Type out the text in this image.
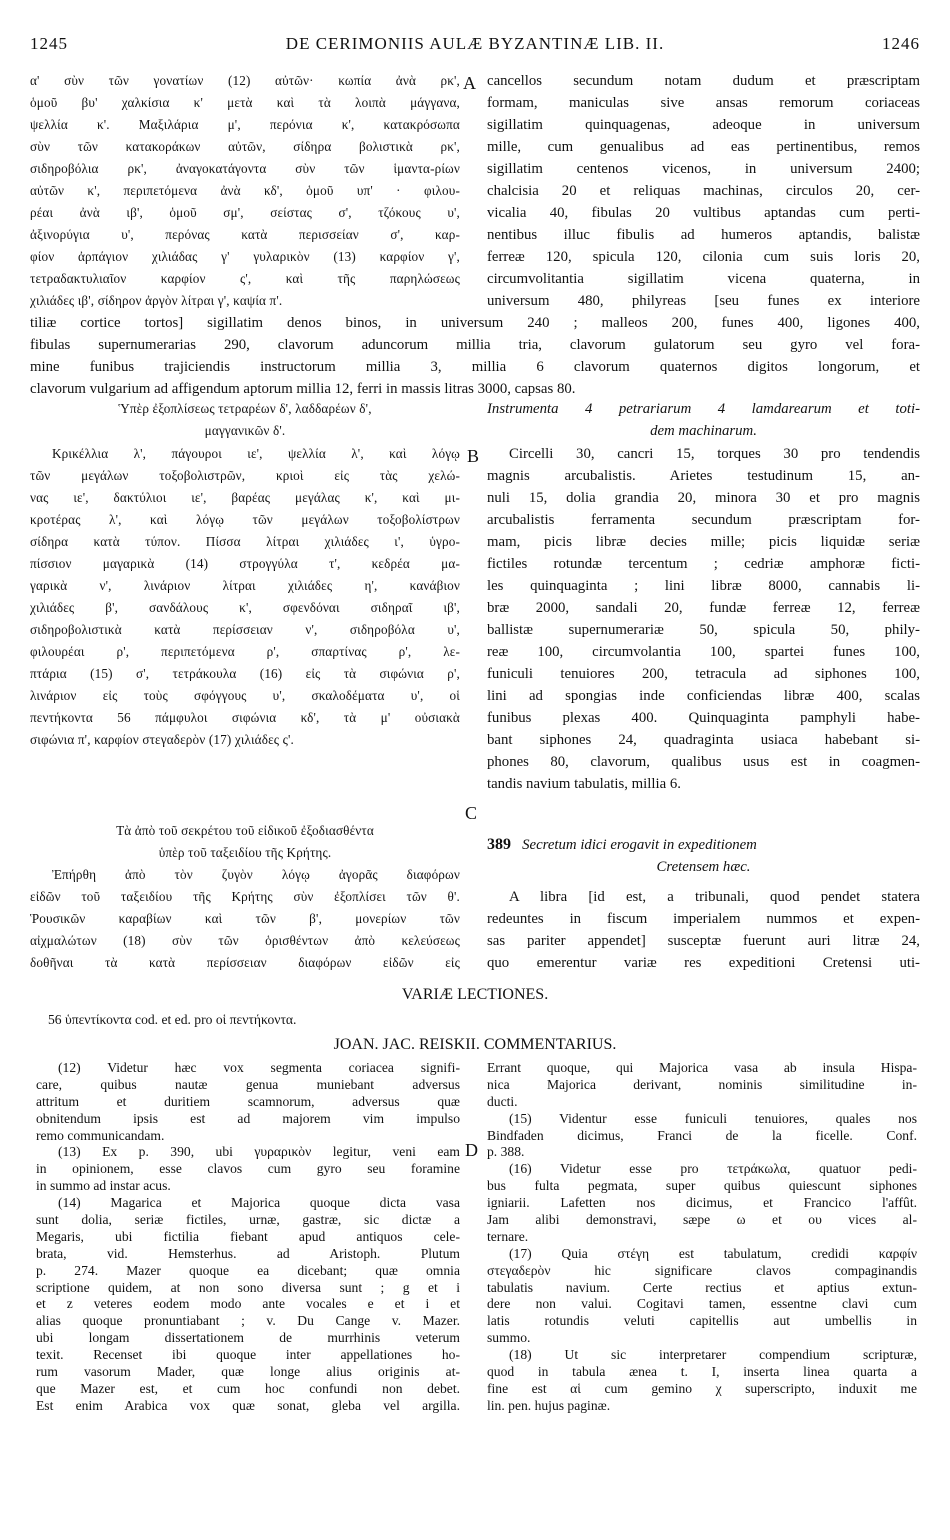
1245	DE CERIMONIIS AULÆ BYZANTINÆ LIB. II.	1246
A
B
C
D
α' σὺν τῶν γονατίων (12) αὐτῶν· κωπία ἀνὰ ρκ',
ὁμοῦ βυ' χαλκίσια κ' μετὰ καὶ τὰ λοιπὰ μάγγανα,
ψελλία κ'. Μαξιλάρια μ', περόνια κ', κατακρόσωπα
σὺν τῶν κατακοράκων αὐτῶν, σίδηρα βολιστικὰ ρκ',
σιδηροβόλια ρκ', ἀναγοκατάγοντα σὺν τῶν ἱμαντα-ρίων
αὐτῶν κ', περιπετόμενα ἀνὰ κδ', ὁμοῦ υπ' · φιλου-
ρέαι ἀνὰ ιβ', ὁμοῦ σμ', σείστας σ', τζόκους υ',
ἀξινορύγια υ', περόνας κατὰ περισσείαν σ', καρ-
φίον ἀρπάγιον χιλιάδας γ' γυλαρικὸν (13) καρφίον γ',
τετραδακτυλιαῖον καρφίον ς', καὶ τῆς παρηλώσεως
χιλιάδες ιβ', σίδηρον ἀργὸν λίτραι γ', καψία π'.
cancellos secundum notam dudum et præscriptam
formam, maniculas sive ansas remorum coriaceas
sigillatim quinquagenas, adeoque in universum
mille, cum genualibus ad eas pertinentibus, remos
sigillatim centenos vicenos, in universum 2400;
chalcisia 20 et reliquas machinas, circulos 20, cer-
vicalia 40, fibulas 20 vultibus aptandas cum perti-
nentibus illuc fibulis ad humeros aptandis, balistæ
ferreæ 120, spicula 120, cilonia cum suis loris 20,
circumvolitantia sigillatim vicena quaterna, in
universum 480, philyreas [seu funes ex interiore
tiliæ cortice tortos] sigillatim denos binos, in universum 240 ; malleos 200, funes 400, ligones 400,
fibulas supernumerarias 290, clavorum aduncorum millia tria, clavorum gulatorum seu gyro vel fora-
mine funibus trajiciendis instructorum millia 3, millia 6 clavorum quaternos digitos longorum, et
clavorum vulgarium ad affigendum aptorum millia 12, ferri in massis litras 3000, capsas 80.
Ὑπὲρ ἐξοπλίσεως τετραρέων δ', λαδδαρέων δ',
μαγγανικῶν δ'.
Instrumenta 4 petrariarum 4 lamdarearum et toti-
dem machinarum.
Κρικέλλια λ', πάγουροι ιε', ψελλία λ', καὶ λόγῳ
τῶν μεγάλων τοξοβολιστρῶν, κριοὶ εἰς τὰς χελώ-
νας ιε', δακτύλιοι ιε', βαρέας μεγάλας κ', καὶ μι-
κροτέρας λ', καὶ λόγῳ τῶν μεγάλων τοξοβολίστρων
σίδηρα κατὰ τύπον. Πίσσα λίτραι χιλιάδες ι', ὑγρο-
πίσσιον μαγαρικὰ (14) στρογγύλα τ', κεδρέα μα-
γαρικὰ ν', λινάριον λίτραι χιλιάδες η', κανάβιον
χιλιάδες β', σανδάλους κ', σφενδόναι σιδηραῖ ιβ',
σιδηροβολιστικὰ κατὰ περίσσειαν ν', σιδηροβόλα υ',
φιλουρέαι ρ', περιπετόμενα ρ', σπαρτίνας ρ', λε-
πτάρια (15) σ', τετράκουλα (16) εἰς τὰ σιφώνια ρ',
λινάριον εἰς τοὺς σφόγγους υ', σκαλοδέματα υ', οἱ
πεντήκοντα 56 πάμφυλοι σιφώνια κδ', τὰ μ' οὐσιακὰ
σιφώνια π', καρφίον στεγαδερὸν (17) χιλιάδες ς'.
Circelli 30, cancri 15, torques 30 pro tendendis
magnis arcubalistis. Arietes testudinum 15, an-
nuli 15, dolia grandia 20, minora 30 et pro magnis
arcubalistis ferramenta secundum præscriptam for-
mam, picis libræ decies mille; picis liquidæ seriæ
fictiles rotundæ tercentum ; cedriæ amphoræ ficti-
les quinquaginta ; lini libræ 8000, cannabis li-
bræ 2000, sandali 20, fundæ ferreæ 12, ferreæ
ballistæ supernumerariæ 50, spicula 50, phily-
reæ 100, circumvolantia 100, spartei funes 100,
funiculi tenuiores 200, tetracula ad siphones 100,
lini ad spongias inde conficiendas libræ 400, scalas
funibus plexas 400. Quinquaginta pamphyli habe-
bant siphones 24, quadraginta usiaca habebant si-
phones 80, clavorum, qualibus usus est in coagmen-
tandis navium tabulatis, millia 6.
Τὰ ἀπὸ τοῦ σεκρέτου τοῦ εἰδικοῦ ἐξοδιασθέντα
ὑπὲρ τοῦ ταξειδίου τῆς Κρήτης.	389 Secretum idici erogavit in expeditionem
Cretensem hæc.
Ἐπήρθη ἀπὸ τὸν ζυγὸν λόγῳ ἀγορᾶς διαφόρων
εἰδῶν τοῦ ταξειδίου τῆς Κρήτης σὺν ἐξοπλίσει τῶν θ'.
Ῥουσικῶν καραβίων καὶ τῶν β', μονερίων τῶν
αἰχμαλώτων (18) σὺν τῶν ὁρισθέντων ἀπὸ κελεύσεως
δοθῆναι τὰ κατὰ περίσσειαν διαφόρων εἰδῶν εἰς
A libra [id est, a tribunali, quod pendet statera
redeuntes in fiscum imperialem nummos et expen-
sas pariter appendet] susceptæ fuerunt auri litræ 24,
quo emerentur variæ res expeditioni Cretensi uti-
VARIÆ LECTIONES.
56 ὑπεντίκοντα cod. et ed. pro οἱ πεντήκοντα.
JOAN. JAC. REISKII. COMMENTARIUS.
(12) Videtur hæc vox segmenta coriacea signifi-
care, quibus nautæ genua muniebant adversus
attritum et duritiem scamnorum, adversus quæ
obnitendum ipsis est ad majorem vim impulso
remo communicandam.
(13) Ex p. 390, ubi γυραρικὸν legitur, veni eam
in opinionem, esse clavos cum gyro seu foramine
in summo ad instar acus.
(14) Magarica et Majorica quoque dicta vasa
sunt dolia, seriæ fictiles, urnæ, gastræ, sic dictæ a
Megaris, ubi fictilia fiebant apud antiquos cele-
brata, vid. Hemsterhus. ad Aristoph. Plutum
p. 274. Mazer quoque ea dicebant; quæ omnia
scriptione quidem, at non sono diversa sunt ; g et i
et z veteres eodem modo ante vocales e et i et
alias quoque pronuntiabant ; v. Du Cange v. Mazer.
ubi longam dissertationem de murrhinis veterum
texit. Recenset ibi quoque inter appellationes ho-
rum vasorum Mader, quæ longe alius originis at-
que Mazer est, et cum hoc confundi non debet.
Est enim Arabica vox quæ sonat, gleba vel argilla.
Errant quoque, qui Majorica vasa ab insula Hispa-
nica Majorica derivant, nominis similitudine in-
ducti.
(15) Videntur esse funiculi tenuiores, quales nos
Bindfaden dicimus, Franci de la ficelle. Conf.
p. 388.
(16) Videtur esse pro τετράκωλα, quatuor pedi-
bus fulta pegmata, super quibus quiescunt siphones
igniarii. Lafetten nos dicimus, et Francico l'affût.
Jam alibi demonstravi, sæpe ω et ου vices al-
ternare.
(17) Quia στέγη est tabulatum, credidi καρφίν
στεγαδερὸν hic significare clavos compaginandis
tabulatis navium. Certe rectius et aptius extun-
dere non valui. Cogitavi tamen, essentne clavi cum
latis rotundis veluti capitellis aut umbellis in
summo.
(18) Ut sic interpretarer compendium scripturæ,
quod in tabula ænea t. I, inserta linea quarta a
fine est αἱ cum gemino χ superscripto, induxit me
lin. pen. hujus paginæ.
